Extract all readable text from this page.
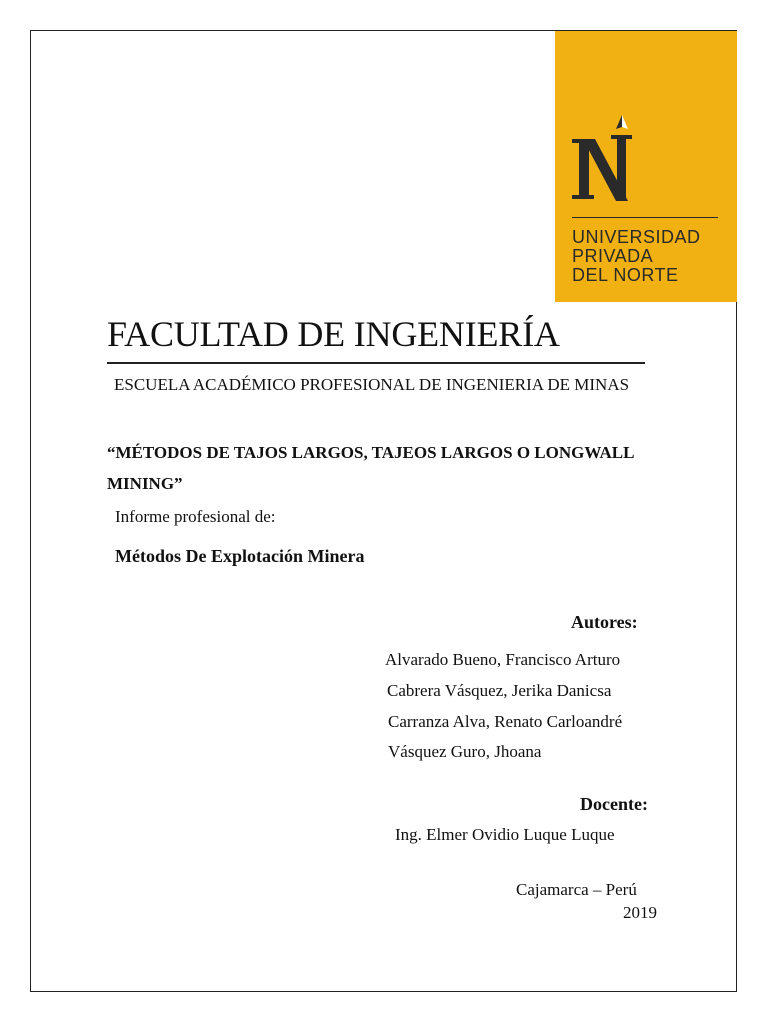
UNIVERSIDAD
PRIVADA
DEL NORTE
FACULTAD DE INGENIERÍA
ESCUELA ACADÉMICO PROFESIONAL DE INGENIERIA DE MINAS
“MÉTODOS DE TAJOS LARGOS, TAJEOS LARGOS O LONGWALL MINING”
Informe profesional de:
Métodos De Explotación Minera
Autores:
Alvarado Bueno, Francisco Arturo
Cabrera Vásquez, Jerika Danicsa
Carranza Alva, Renato Carloandré
Vásquez Guro, Jhoana
Docente:
Ing. Elmer Ovidio Luque Luque
Cajamarca – Perú
2019
